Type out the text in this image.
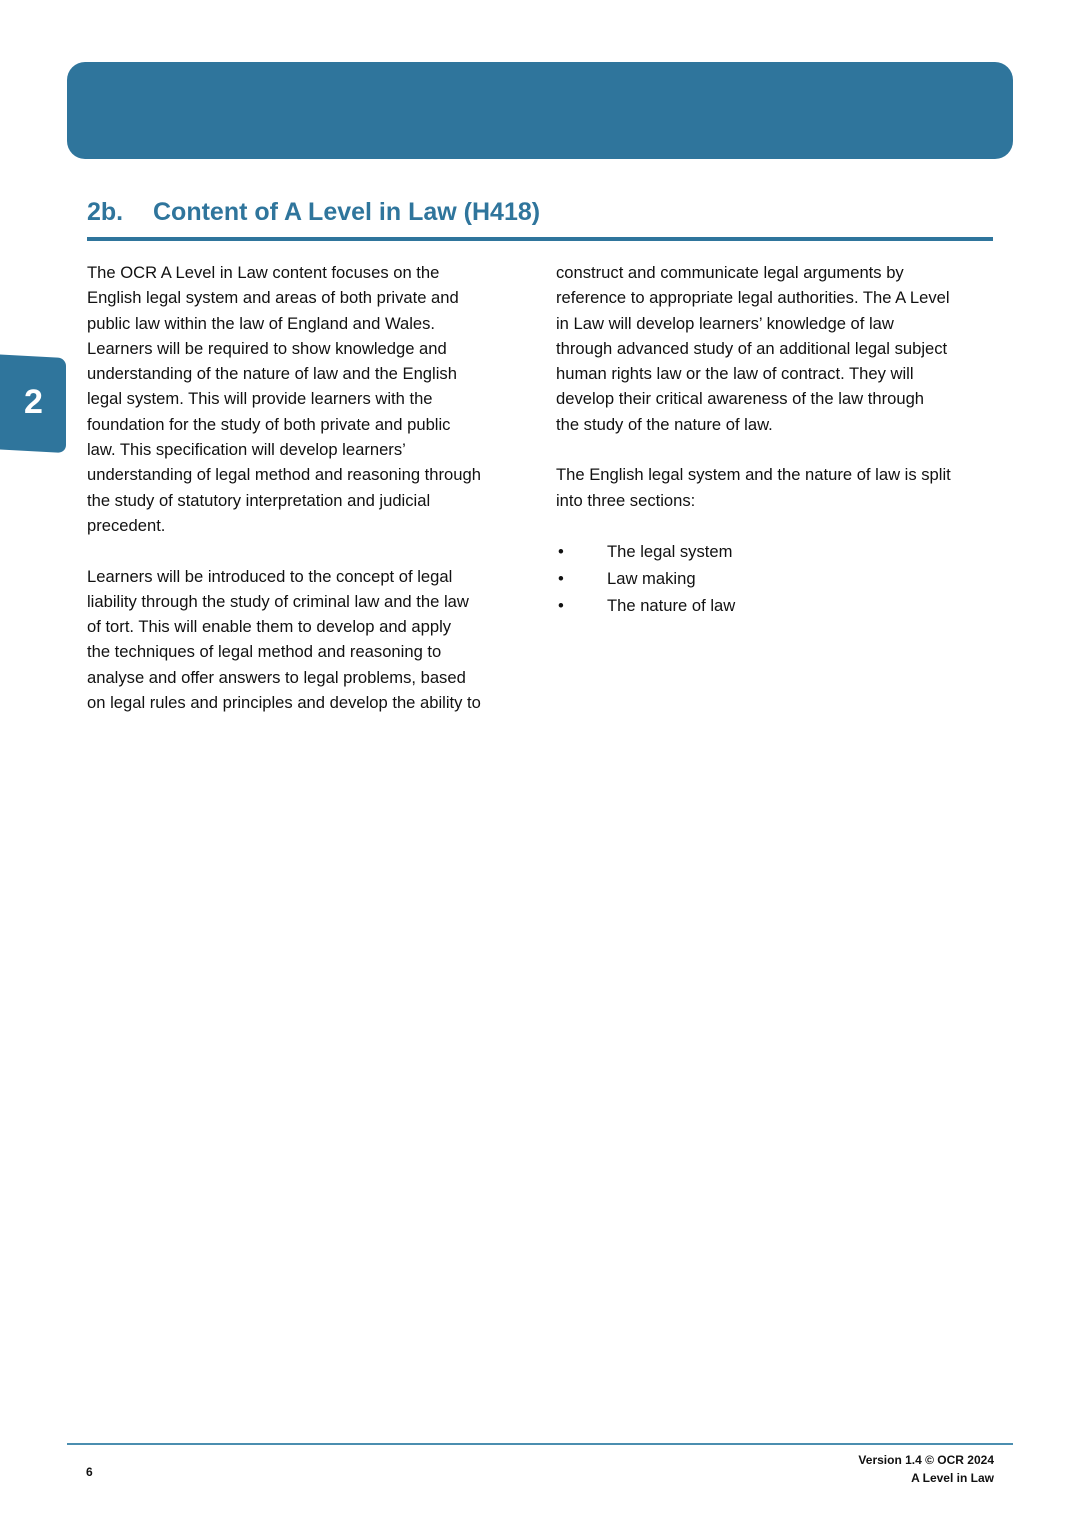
2
2b. Content of A Level in Law (H418)
The OCR A Level in Law content focuses on the
English legal system and areas of both private and
public law within the law of England and Wales.
Learners will be required to show knowledge and
understanding of the nature of law and the English
legal system. This will provide learners with the
foundation for the study of both private and public
law. This specification will develop learners’
understanding of legal method and reasoning through
the study of statutory interpretation and judicial
precedent.
Learners will be introduced to the concept of legal
liability through the study of criminal law and the law
of tort. This will enable them to develop and apply
the techniques of legal method and reasoning to
analyse and offer answers to legal problems, based
on legal rules and principles and develop the ability to
construct and communicate legal arguments by
reference to appropriate legal authorities. The A Level
in Law will develop learners’ knowledge of law
through advanced study of an additional legal subject
human rights law or the law of contract. They will
develop their critical awareness of the law through
the study of the nature of law.
The English legal system and the nature of law is split
into three sections:
•	The legal system
•	Law making
•	The nature of law
6
Version 1.4 © OCR 2024
A Level in Law
